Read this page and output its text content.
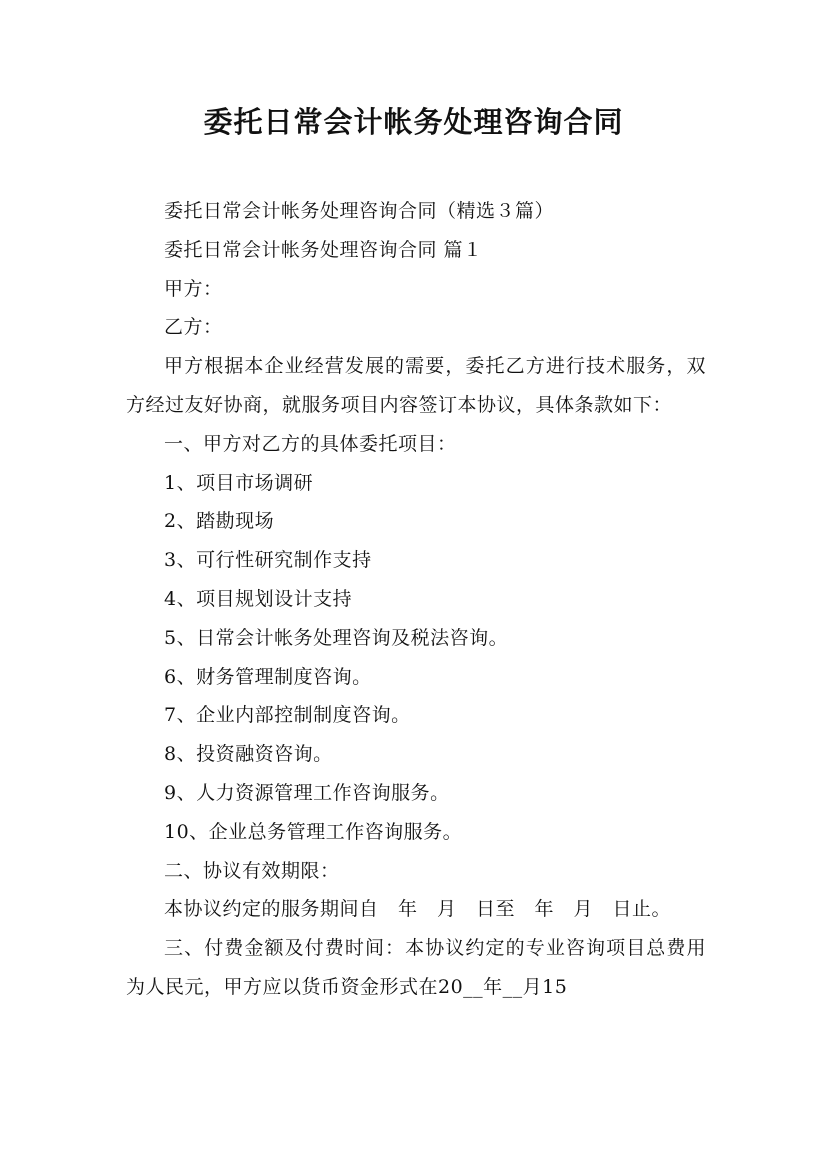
委托日常会计帐务处理咨询合同

委托日常会计帐务处理咨询合同（精选３篇）

委托日常会计帐务处理咨询合同 篇１

甲方：

乙方：

甲方根据本企业经营发展的需要，委托乙方进行技术服务，双方经过友好协商，就服务项目内容签订本协议，具体条款如下：

一、甲方对乙方的具体委托项目：

1、项目市场调研

2、踏勘现场

3、可行性研究制作支持

4、项目规划设计支持

5、日常会计帐务处理咨询及税法咨询。

6、财务管理制度咨询。

7、企业内部控制制度咨询。

8、投资融资咨询。

9、人力资源管理工作咨询服务。

10、企业总务管理工作咨询服务。

二、协议有效期限：

本协议约定的服务期间自　年　月　日至　年　月　日止。

三、付费金额及付费时间：本协议约定的专业咨询项目总费用为人民元，甲方应以货币资金形式在20__年__月15
